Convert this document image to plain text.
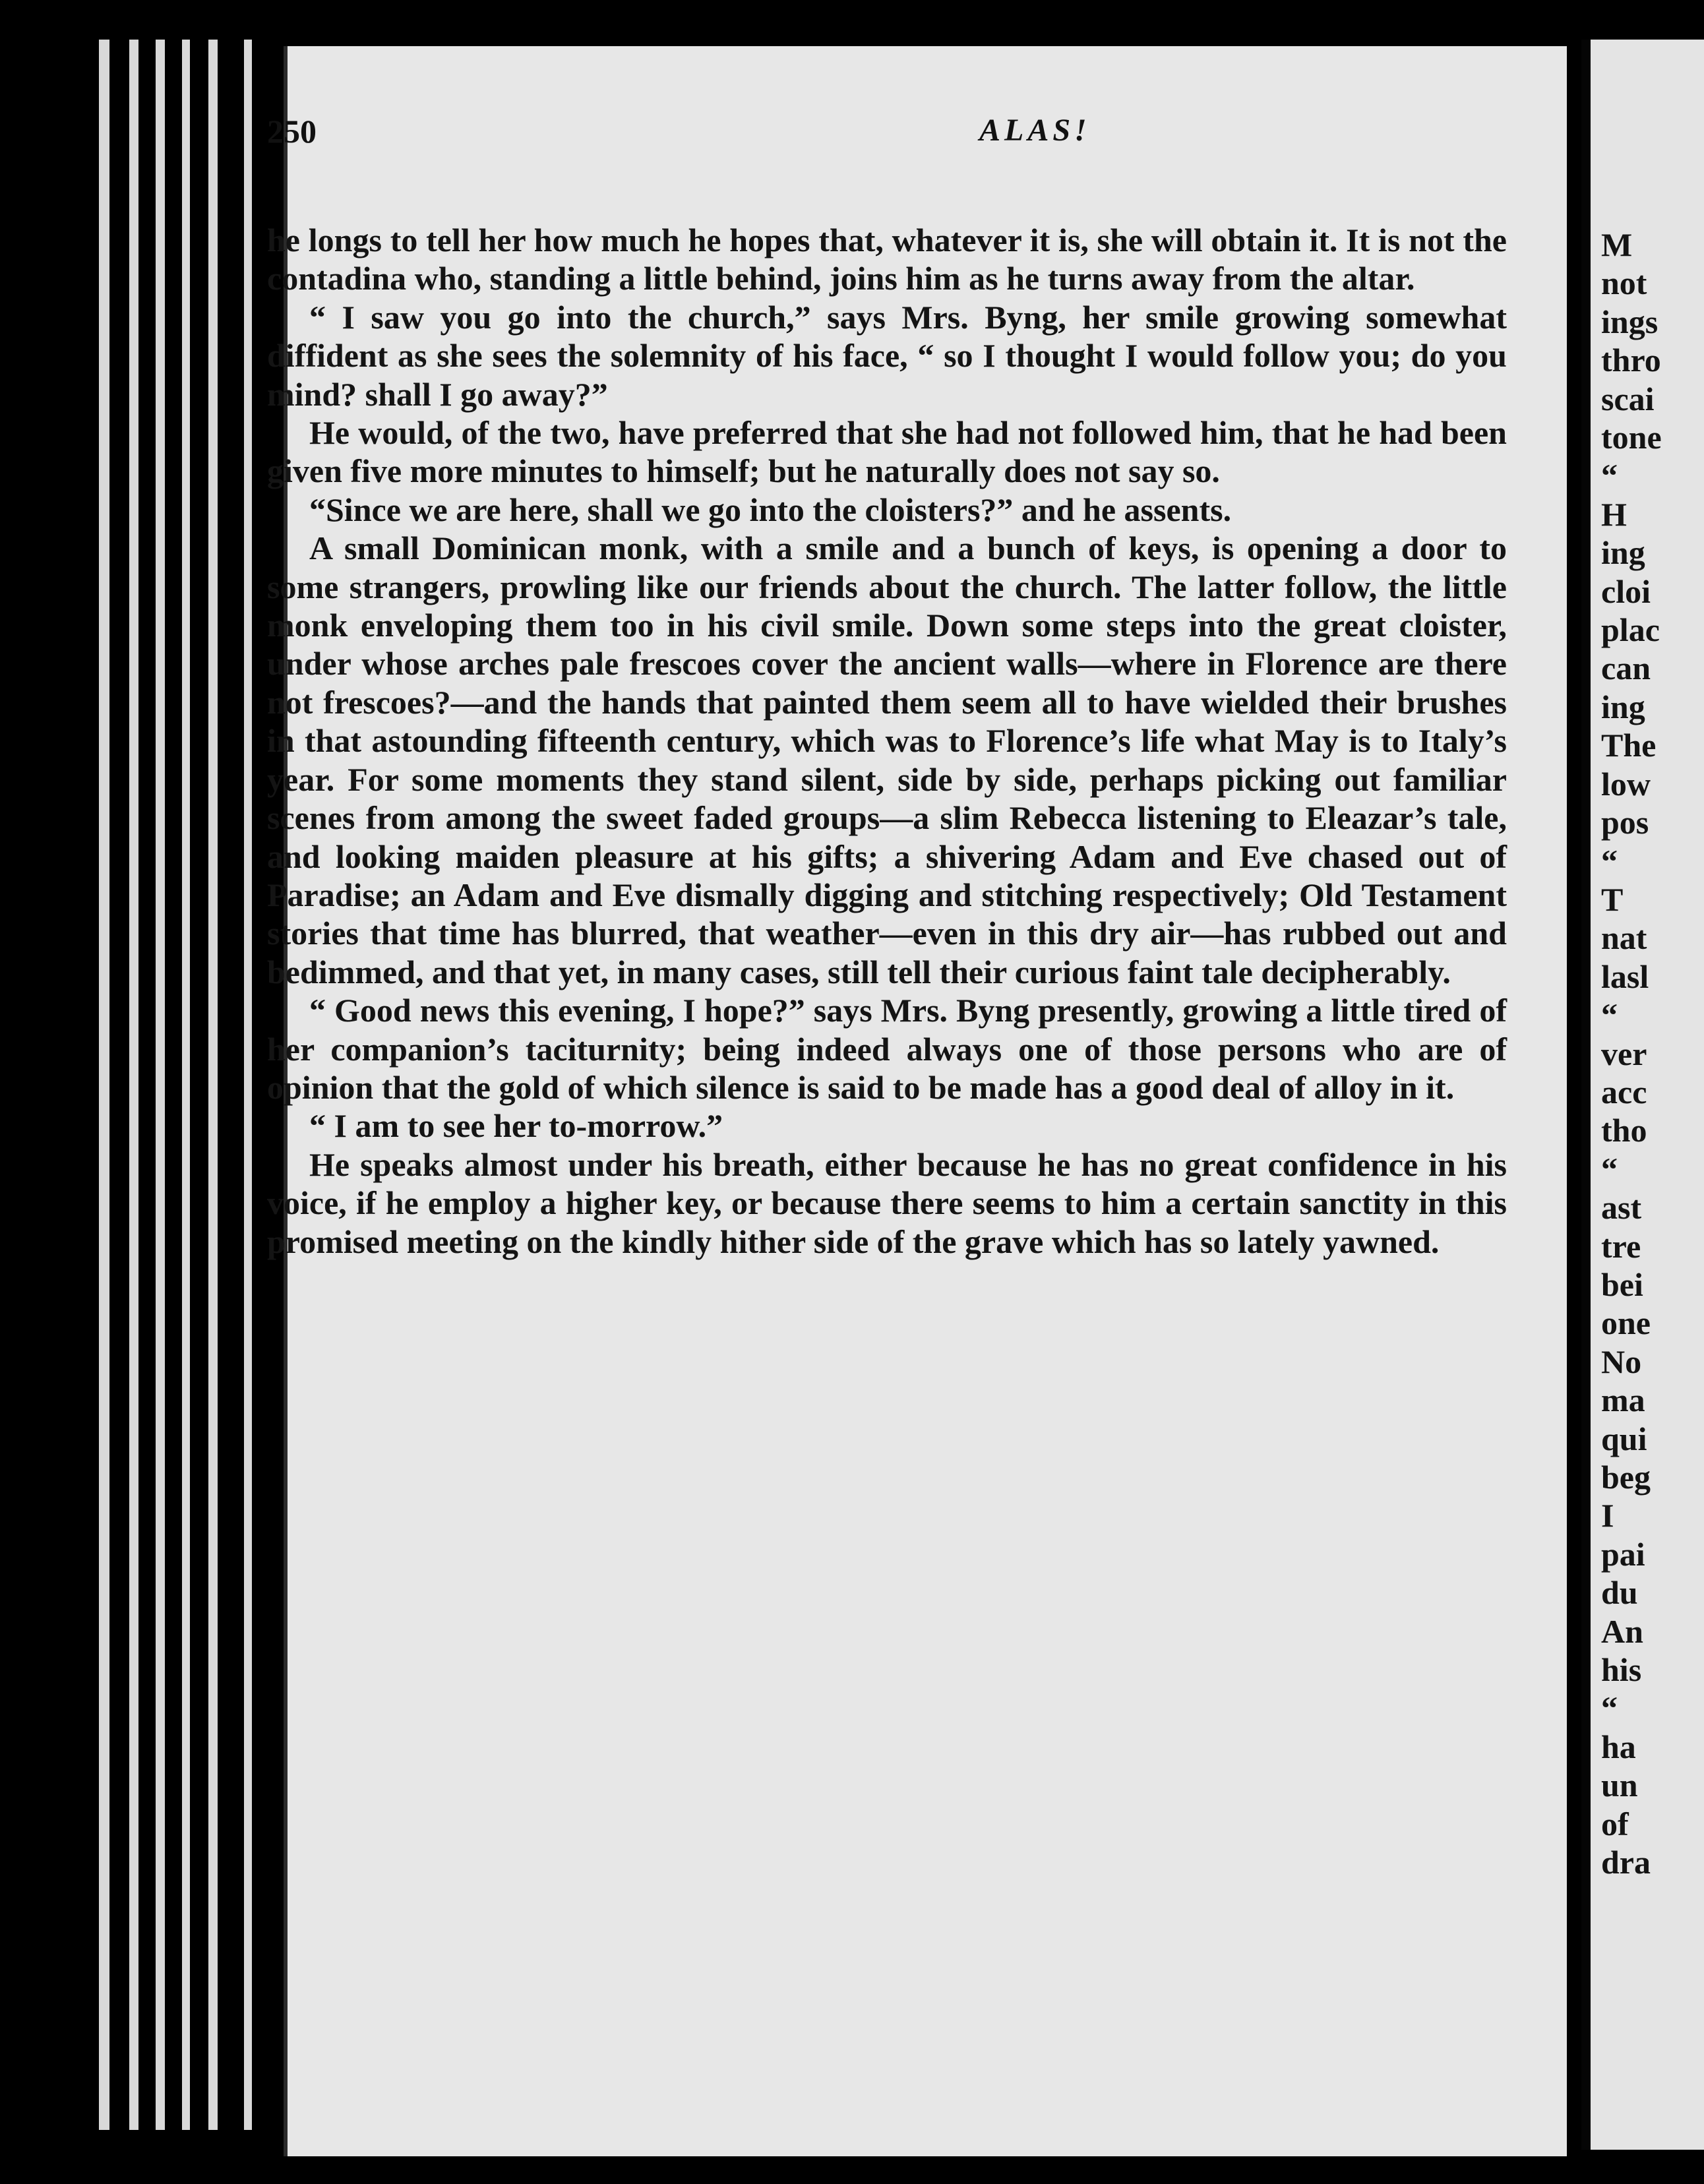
250	ALAS!

he longs to tell her how much he hopes that, whatever it is, she will obtain it. It is not the contadina who, standing a little behind, joins him as he turns away from the altar.

“ I saw you go into the church,” says Mrs. Byng, her smile growing somewhat diffident as she sees the solemnity of his face, “ so I thought I would follow you; do you mind? shall I go away?”

He would, of the two, have preferred that she had not followed him, that he had been given five more minutes to himself; but he naturally does not say so.

“Since we are here, shall we go into the cloisters?” and he assents.

A small Dominican monk, with a smile and a bunch of keys, is opening a door to some strangers, prowling like our friends about the church. The latter follow, the little monk enveloping them too in his civil smile. Down some steps into the great cloister, under whose arches pale frescoes cover the ancient walls—where in Florence are there not frescoes?—and the hands that painted them seem all to have wielded their brushes in that astounding fifteenth century, which was to Florence’s life what May is to Italy’s year. For some moments they stand silent, side by side, perhaps picking out familiar scenes from among the sweet faded groups—a slim Rebecca listening to Eleazar’s tale, and looking maiden pleasure at his gifts; a shivering Adam and Eve chased out of Paradise; an Adam and Eve dismally digging and stitching respectively; Old Testament stories that time has blurred, that weather—even in this dry air—has rubbed out and bedimmed, and that yet, in many cases, still tell their curious faint tale decipherably.

“ Good news this evening, I hope?” says Mrs. Byng presently, growing a little tired of her companion’s taciturnity; being indeed always one of those persons who are of opinion that the gold of which silence is said to be made has a good deal of alloy in it.

“ I am to see her to-morrow.”

He speaks almost under his breath, either because he has no great confidence in his voice, if he employ a higher key, or because there seems to him a certain sanctity in this promised meeting on the kindly hither side of the grave which has so lately yawned.

M
not
ings
thro
scai
tone
“
H
ing
cloi
plac
can
ing
The
low
pos
“
T
nat
lasl
“
ver
acc
tho
“
ast
tre
bei
one
No
ma
qui
beg
I
pai
du
An
his
“
ha
un
of
dra
